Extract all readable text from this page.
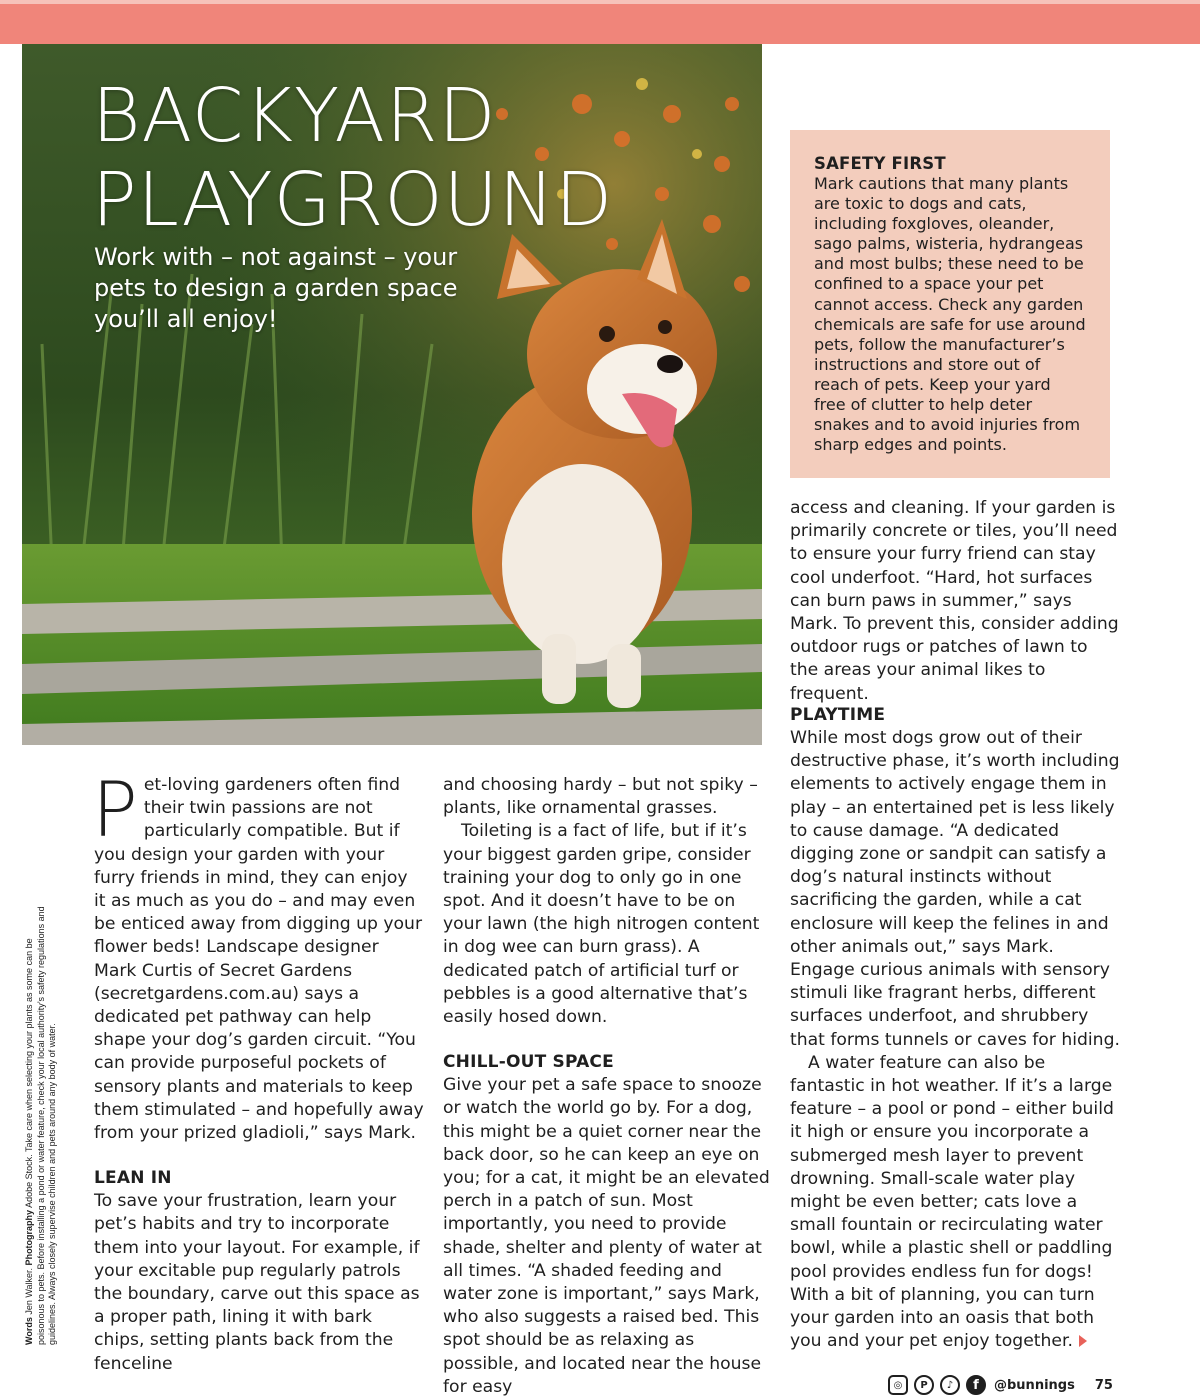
BACKYARD
PLAYGROUND
Work with – not against – your pets to design a garden space you’ll all enjoy!
SAFETY FIRST

Mark cautions that many plants are toxic to dogs and cats, including foxgloves, oleander, sago palms, wisteria, hydrangeas and most bulbs; these need to be confined to a space your pet cannot access. Check any garden chemicals are safe for use around pets, follow the manufacturer’s instructions and store out of reach of pets. Keep your yard free of clutter to help deter snakes and to avoid injuries from sharp edges and points.

Pet-loving gardeners often find their twin passions are not particularly compatible. But if you design your garden with your furry friends in mind, they can enjoy it as much as you do – and may even be enticed away from digging up your flower beds! Landscape designer Mark Curtis of Secret Gardens (secretgardens.com.au) says a dedicated pet pathway can help shape your dog’s garden circuit. “You can provide purposeful pockets of sensory plants and materials to keep them stimulated – and hopefully away from your prized gladioli,” says Mark.

LEAN IN

To save your frustration, learn your pet’s habits and try to incorporate them into your layout. For example, if your excitable pup regularly patrols the boundary, carve out this space as a proper path, lining it with bark chips, setting plants back from the fenceline

and choosing hardy – but not spiky – plants, like ornamental grasses.

Toileting is a fact of life, but if it’s your biggest garden gripe, consider training your dog to only go in one spot. And it doesn’t have to be on your lawn (the high nitrogen content in dog wee can burn grass). A dedicated patch of artificial turf or pebbles is a good alternative that’s easily hosed down.

CHILL-OUT SPACE

Give your pet a safe space to snooze or watch the world go by. For a dog, this might be a quiet corner near the back door, so he can keep an eye on you; for a cat, it might be an elevated perch in a patch of sun. Most importantly, you need to provide shade, shelter and plenty of water at all times. “A shaded feeding and water zone is important,” says Mark, who also suggests a raised bed. This spot should be as relaxing as possible, and located near the house for easy

access and cleaning. If your garden is primarily concrete or tiles, you’ll need to ensure your furry friend can stay cool underfoot. “Hard, hot surfaces can burn paws in summer,” says Mark. To prevent this, consider adding outdoor rugs or patches of lawn to the areas your animal likes to frequent.

PLAYTIME

While most dogs grow out of their destructive phase, it’s worth including elements to actively engage them in play – an entertained pet is less likely to cause damage. “A dedicated digging zone or sandpit can satisfy a dog’s natural instincts without sacrificing the garden, while a cat enclosure will keep the felines in and other animals out,” says Mark. Engage curious animals with sensory stimuli like fragrant herbs, different surfaces underfoot, and shrubbery that forms tunnels or caves for hiding.

A water feature can also be fantastic in hot weather. If it’s a large feature – a pool or pond – either build it high or ensure you incorporate a submerged mesh layer to prevent drowning. Small-scale water play might be even better; cats love a small fountain or recirculating water bowl, while a plastic shell or paddling pool provides endless fun for dogs! With a bit of planning, you can turn your garden into an oasis that both you and your pet enjoy together.

Words Jen Walker. Photography Adobe Stock. Take care when selecting your plants as some can be poisonous to pets. Before installing a pond or water feature, check your local authority’s safety regulations and guidelines. Always closely supervise children and pets around any body of water.
◎	P	♪	f	@bunnings 75
